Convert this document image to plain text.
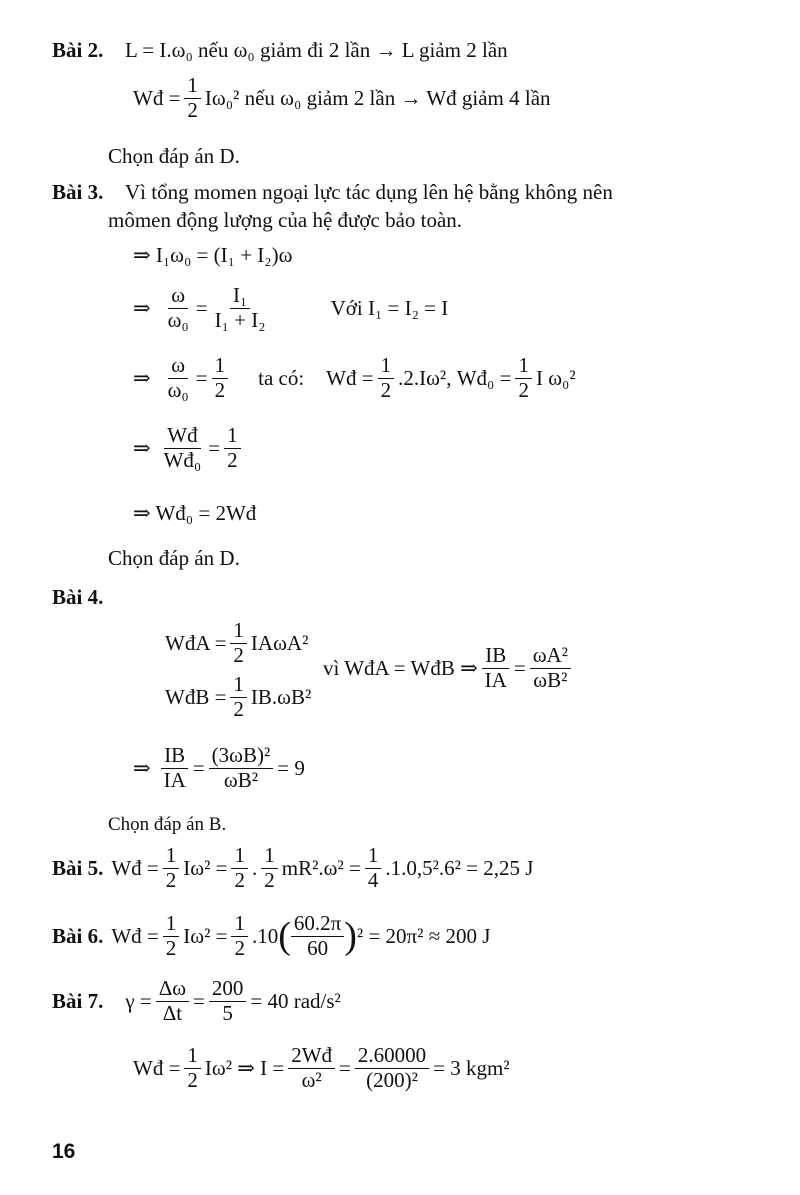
Bài 2. L = I.ω₀ nếu ω₀ giảm đi 2 lần → L giảm 2 lần
Wđ = $\frac{1}{2} I\omega_0^2$ nếu ω₀ giảm 2 lần → Wđ giảm 4 lần
Chọn đáp án D.
Bài 3. Vì tổng momen ngoại lực tác dụng lên hệ bằng không nên
mômen động lượng của hệ được bảo toàn.
⇒ I₁ω₀ = (I₁ + I₂)ω
⇒ $\frac{\omega}{\text{ω₀}} = \frac{\text{I₁}}{\text{I₁ + I₂}}$	Với I₁ = I₂ = I
⇒ $\frac{\omega}{\text{ω₀}} = \frac{1}{2}$ ta có: Wđ = $\frac{1}{2} .2.I\omega^2$, Wđ₀ = $\frac{1}{2}$ I ω₀²
⇒ $\frac{Wđ}{\text{Wđ₀}} = \frac{1}{2}$
⇒ Wđ₀ = 2Wđ
Chọn đáp án D.
Bài 4.
WđA = $\frac{1}{2} IA\omega A^2$
WđB = $\frac{1}{2} IB.\omega B^2$
vì WđA = WđB ⇒ $\frac{IB}{IA} = \frac{\text{ωA²}}{\text{ωB²}}$
⇒ $\frac{IB}{IA} = \frac{\text{(3ωB)²}}{\text{ωB²}} = 9$
Chọn đáp án B.
Bài 5. Wđ = $\frac{1}{2} I\omega^2 = \frac{1}{2}$ .
1
2 $mR^2.\omega^2 = \frac{1}{4} .1.0,5^2.6^2 = 2,25$ J
Bài 6. Wđ = $\frac{1}{2} I\omega^2 = \frac{1}{2} .10$ ( 60.2π
60 ) ² = 20π² ≈ 200 J
Bài 7. $\gamma = \frac{\Delta\omega}{\Delta t} = \frac{200}{5} = 40$ rad/s²
Wđ = $\frac{1}{2} I\omega^2$ ⇒ $I = \frac{2Wđ}{\text{ω²}} = \frac{2.60000}{\text{(200)²}} = 3$ kgm²
16
